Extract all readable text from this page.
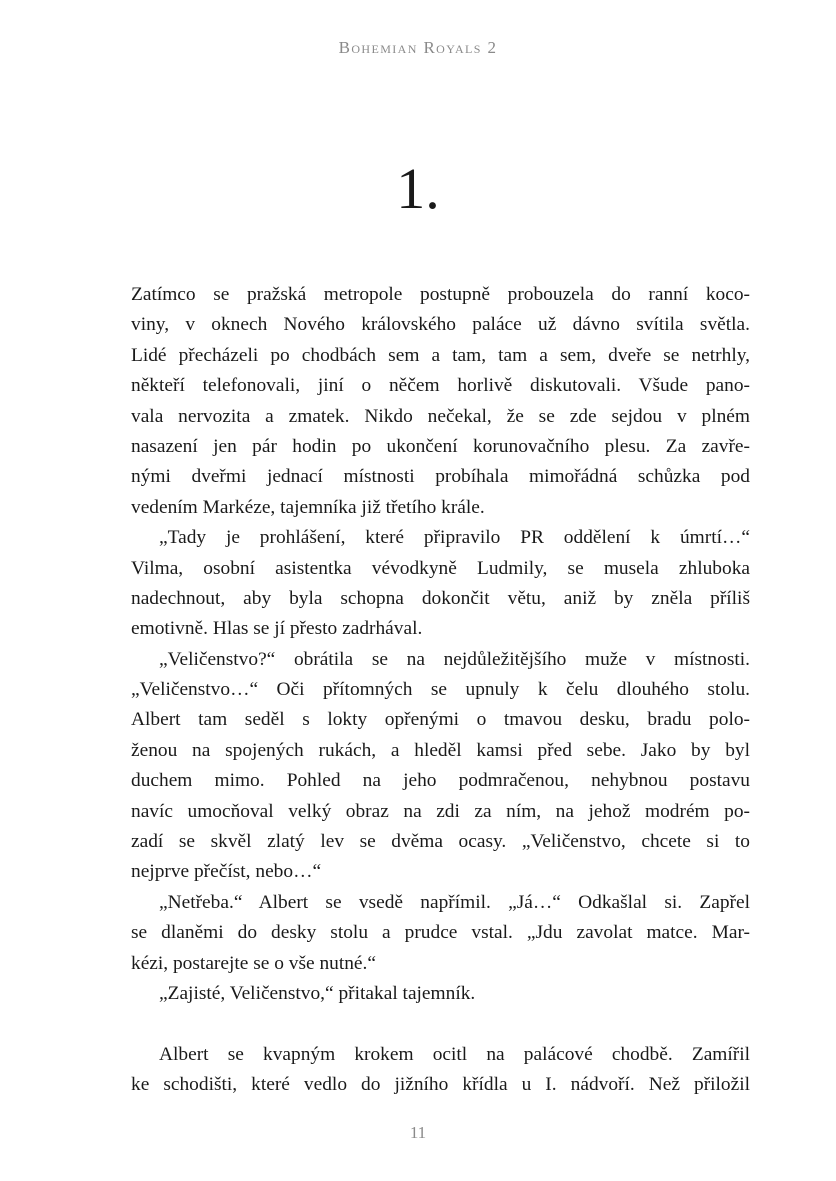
Bohemian Royals 2
1.
Zatímco se pražská metropole postupně probouzela do ranní koco-
viny, v oknech Nového královského paláce už dávno svítila světla.
Lidé přecházeli po chodbách sem a tam, tam a sem, dveře se netrhly,
někteří telefonovali, jiní o něčem horlivě diskutovali. Všude pano-
vala nervozita a zmatek. Nikdo nečekal, že se zde sejdou v plném
nasazení jen pár hodin po ukončení korunovačního plesu. Za zavře-
nými dveřmi jednací místnosti probíhala mimořádná schůzka pod
vedením Markéze, tajemníka již třetího krále.
„Tady je prohlášení, které připravilo PR oddělení k úmrtí…“
Vilma, osobní asistentka vévodkyně Ludmily, se musela zhluboka
nadechnout, aby byla schopna dokončit větu, aniž by zněla příliš
emotivně. Hlas se jí přesto zadrhával.
„Veličenstvo?“ obrátila se na nejdůležitějšího muže v místnosti.
„Veličenstvo…“ Oči přítomných se upnuly k čelu dlouhého stolu.
Albert tam seděl s lokty opřenými o tmavou desku, bradu polo-
ženou na spojených rukách, a hleděl kamsi před sebe. Jako by byl
duchem mimo. Pohled na jeho podmračenou, nehybnou postavu
navíc umocňoval velký obraz na zdi za ním, na jehož modrém po-
zadí se skvěl zlatý lev se dvěma ocasy. „Veličenstvo, chcete si to
nejprve přečíst, nebo…“
„Netřeba.“ Albert se vsedě napřímil. „Já…“ Odkašlal si. Zapřel
se dlaněmi do desky stolu a prudce vstal. „Jdu zavolat matce. Mar-
kézi, postarejte se o vše nutné.“
„Zajisté, Veličenstvo,“ přitakal tajemník.
Albert se kvapným krokem ocitl na palácové chodbě. Zamířil
ke schodišti, které vedlo do jižního křídla u I. nádvoří. Než přiložil
11
